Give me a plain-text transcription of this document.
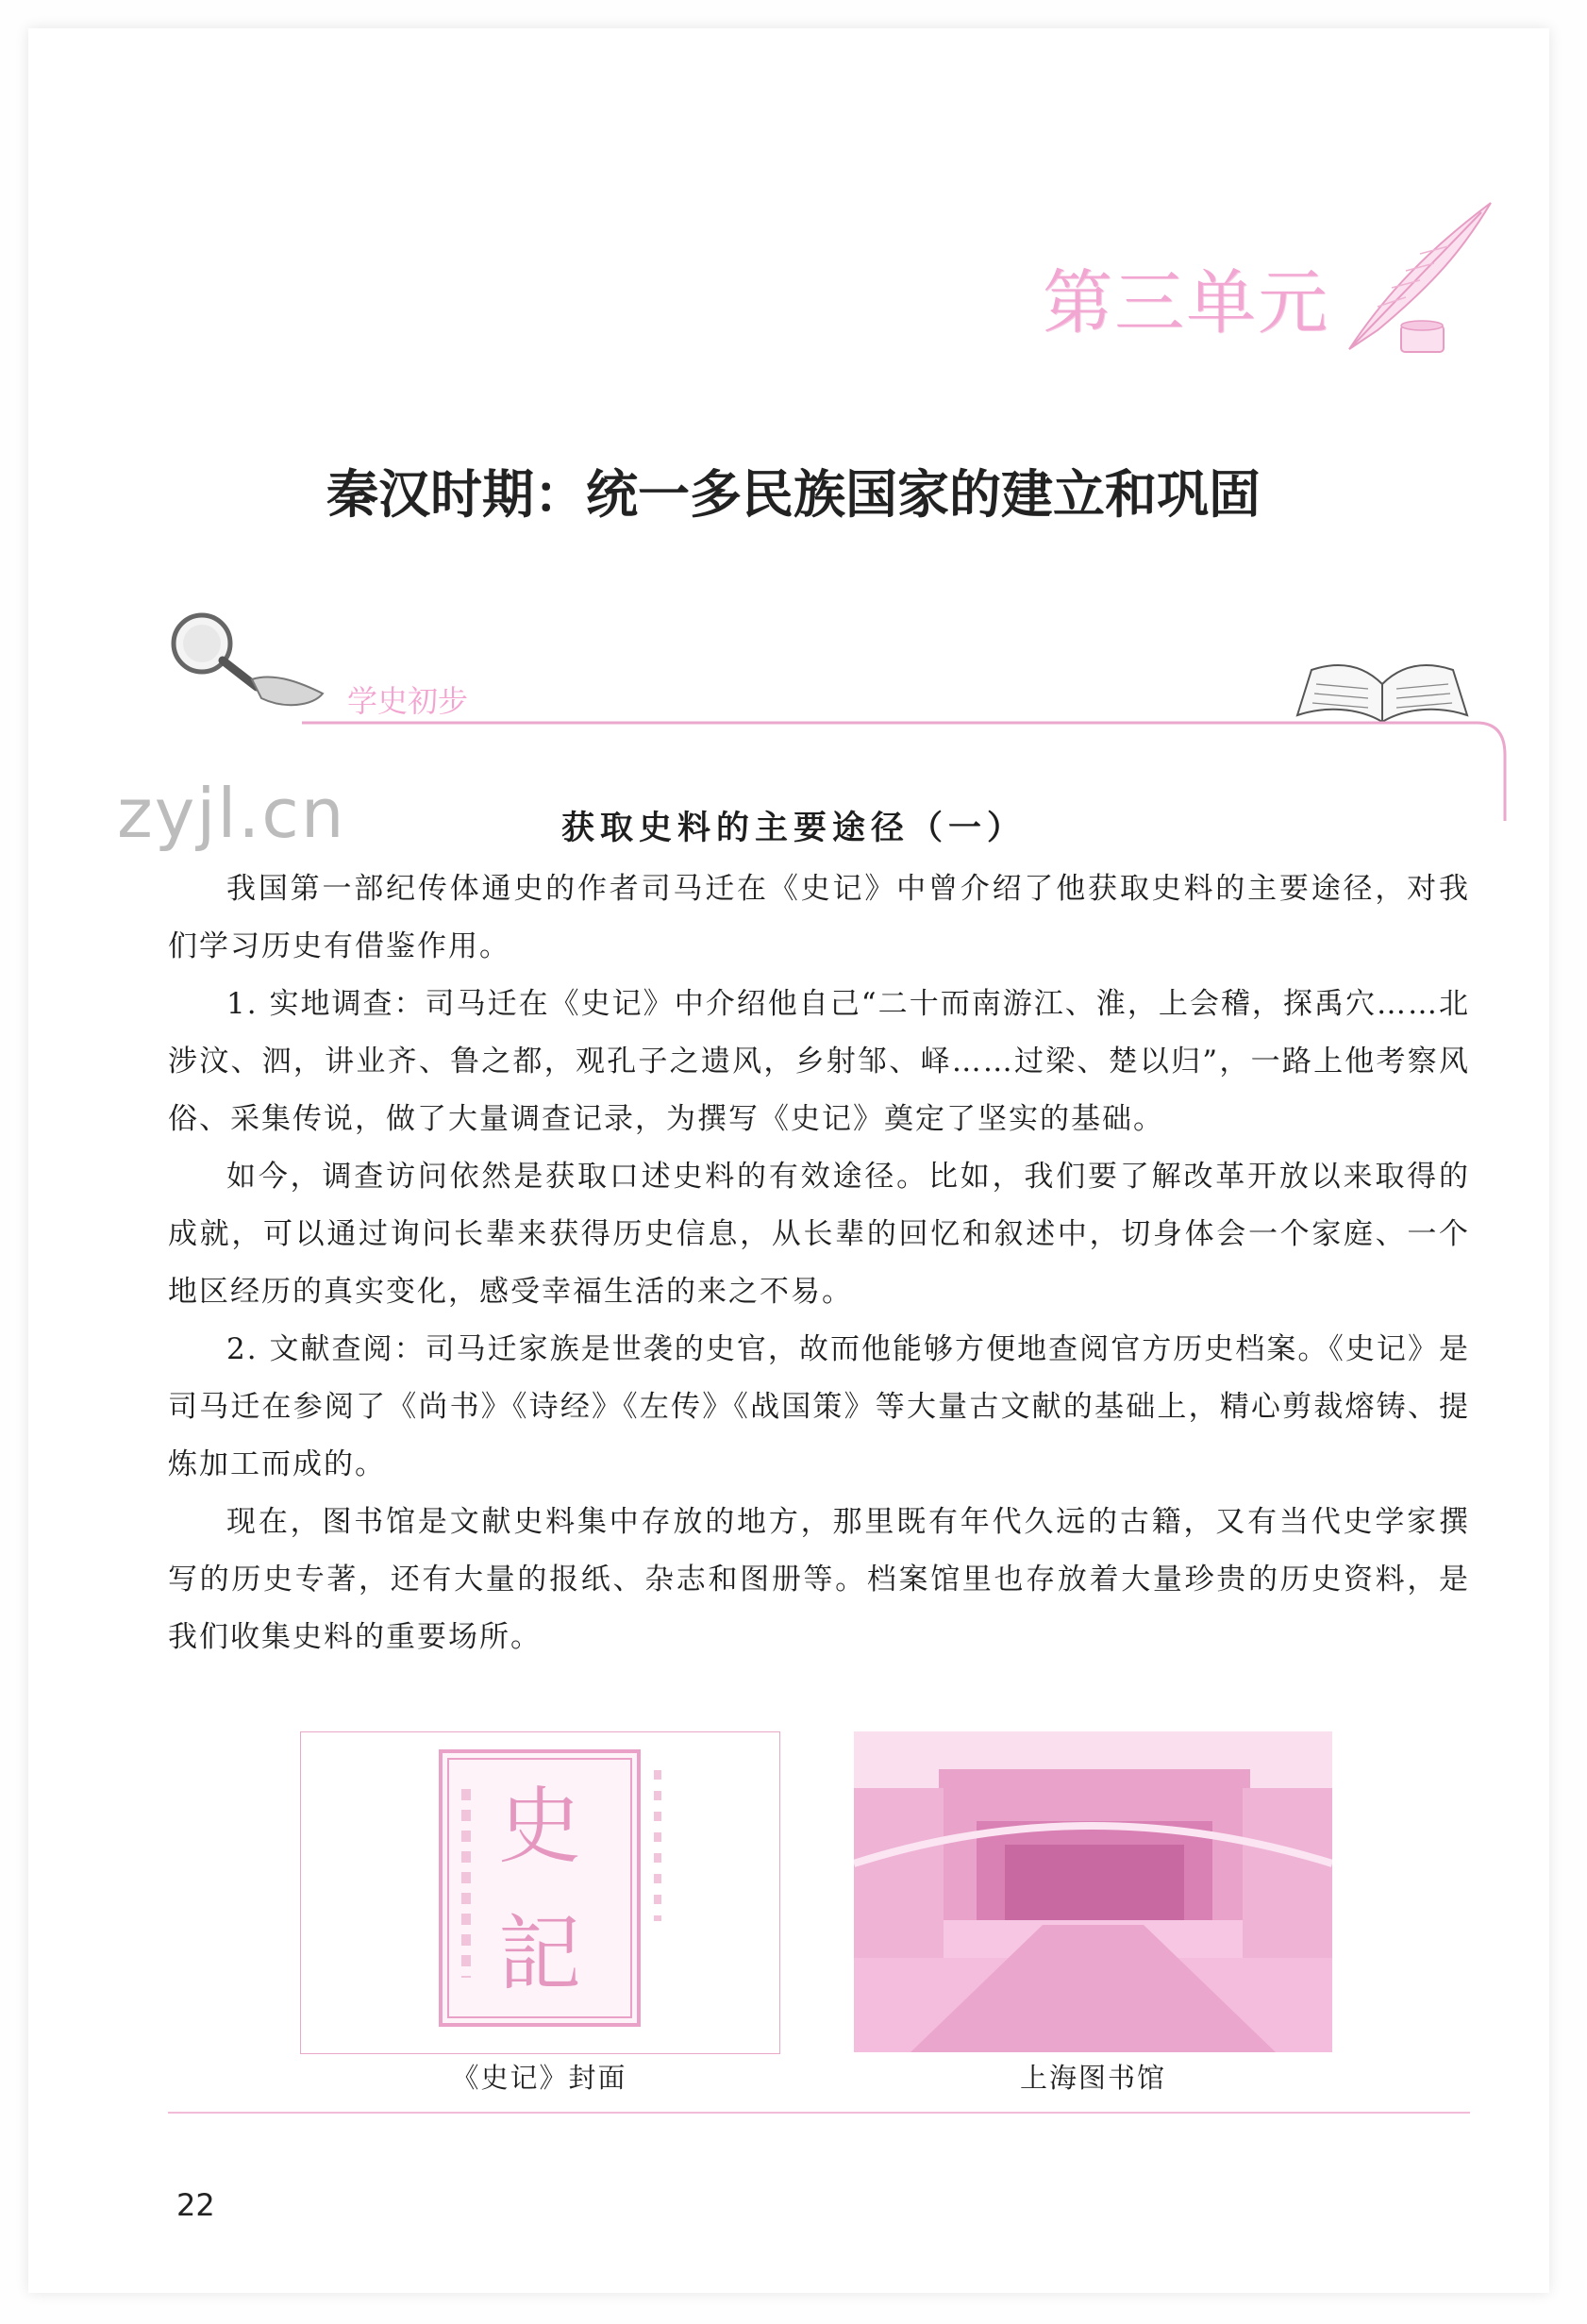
第三单元
秦汉时期：统一多民族国家的建立和巩固
学史初步
zyjl.cn	获取史料的主要途径（一）

我国第一部纪传体通史的作者司马迁在《史记》中曾介绍了他获取史料的主要途径，对我们学习历史有借鉴作用。

1. 实地调查：司马迁在《史记》中介绍他自己“二十而南游江、淮，上会稽，探禹穴……北涉汶、泗，讲业齐、鲁之都，观孔子之遗风，乡射邹、峄……过梁、楚以归”，一路上他考察风俗、采集传说，做了大量调查记录，为撰写《史记》奠定了坚实的基础。

如今，调查访问依然是获取口述史料的有效途径。比如，我们要了解改革开放以来取得的成就，可以通过询问长辈来获得历史信息，从长辈的回忆和叙述中，切身体会一个家庭、一个地区经历的真实变化，感受幸福生活的来之不易。

2. 文献查阅：司马迁家族是世袭的史官，故而他能够方便地查阅官方历史档案。《史记》是司马迁在参阅了《尚书》《诗经》《左传》《战国策》等大量古文献的基础上，精心剪裁熔铸、提炼加工而成的。

现在，图书馆是文献史料集中存放的地方，那里既有年代久远的古籍，又有当代史学家撰写的历史专著，还有大量的报纸、杂志和图册等。档案馆里也存放着大量珍贵的历史资料，是我们收集史料的重要场所。

史
記
《史记》封面	上海图书馆
22
